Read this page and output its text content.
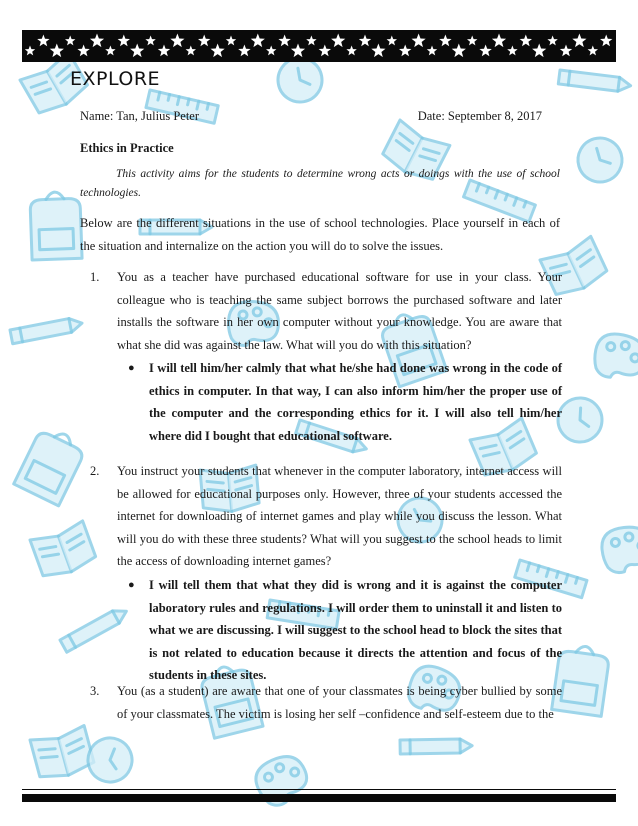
EXPLORE
Name: Tan, Julius Peter	Date: September 8, 2017
Ethics in Practice
This activity aims for the students to determine wrong acts or doings with the use of school technologies.
Below are the different situations in the use of school technologies. Place yourself in each of the situation and internalize on the action you will do to solve the issues.
1. You as a teacher have purchased educational software for use in your class. Your colleague who is teaching the same subject borrows the purchased software and later installs the software in her own computer without your knowledge. You are aware that what she did was against the law. What will you do with this situation?
● I will tell him/her calmly that what he/she had done was wrong in the code of ethics in computer. In that way, I can also inform him/her the proper use of the computer and the corresponding ethics for it. I will also tell him/her where did I bought that educational software.
2. You instruct your students that whenever in the computer laboratory, internet access will be allowed for educational purposes only. However, three of your students accessed the internet for downloading of internet games and play while you discuss the lesson. What will you do with these three students? What will you suggest to the school heads to limit the access of downloading internet games?
● I will tell them that what they did is wrong and it is against the computer laboratory rules and regulations. I will order them to uninstall it and listen to what we are discussing. I will suggest to the school head to block the sites that is not related to education because it directs the attention and focus of the students in these sites.
3. You (as a student) are aware that one of your classmates is being cyber bullied by some of your classmates. The victim is losing her self –confidence and self-esteem due to the
